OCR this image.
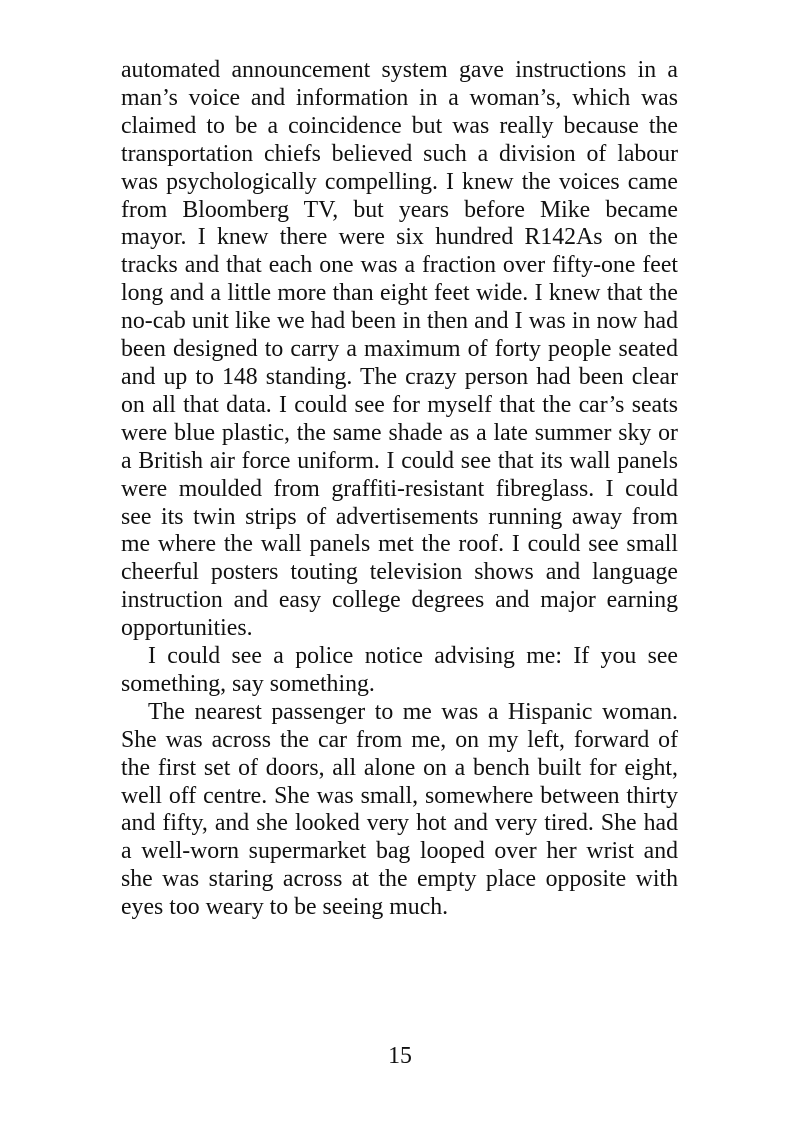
automated announcement system gave instructions in a man’s voice and information in a woman’s, which was claimed to be a coincidence but was really because the transportation chiefs believed such a division of labour was psychologically compelling. I knew the voices came from Bloomberg TV, but years before Mike became mayor. I knew there were six hundred R142As on the tracks and that each one was a fraction over fifty-one feet long and a little more than eight feet wide. I knew that the no-cab unit like we had been in then and I was in now had been designed to carry a maximum of forty people seated and up to 148 standing. The crazy person had been clear on all that data. I could see for myself that the car’s seats were blue plastic, the same shade as a late summer sky or a British air force uniform. I could see that its wall panels were moulded from graffiti-resistant fibreglass. I could see its twin strips of advertisements running away from me where the wall panels met the roof. I could see small cheerful posters touting television shows and language instruction and easy college degrees and major earning opportunities.

I could see a police notice advising me: If you see something, say something.

The nearest passenger to me was a Hispanic woman. She was across the car from me, on my left, forward of the first set of doors, all alone on a bench built for eight, well off centre. She was small, somewhere between thirty and fifty, and she looked very hot and very tired. She had a well-worn supermarket bag looped over her wrist and she was staring across at the empty place opposite with eyes too weary to be seeing much.

15
